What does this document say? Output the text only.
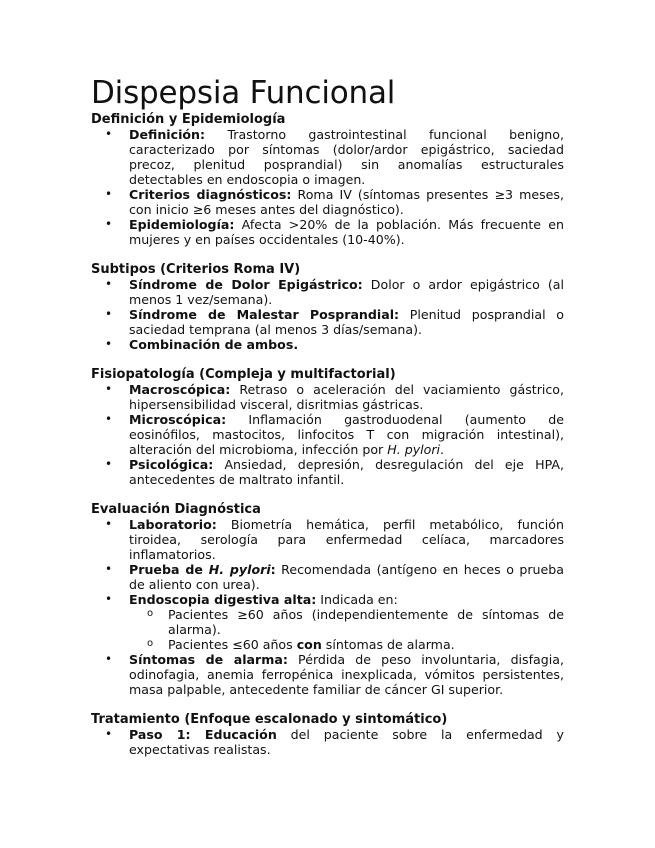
Dispepsia Funcional

Definición y Epidemiología

• Definición: Trastorno gastrointestinal funcional benigno, caracterizado por síntomas (dolor/ardor epigástrico, saciedad precoz, plenitud posprandial) sin anomalías estructurales detectables en endoscopia o imagen.
• Criterios diagnósticos: Roma IV (síntomas presentes ≥3 meses, con inicio ≥6 meses antes del diagnóstico).
• Epidemiología: Afecta >20% de la población. Más frecuente en mujeres y en países occidentales (10-40%).

Subtipos (Criterios Roma IV)

• Síndrome de Dolor Epigástrico: Dolor o ardor epigástrico (al menos 1 vez/semana).
• Síndrome de Malestar Posprandial: Plenitud posprandial o saciedad temprana (al menos 3 días/semana).
• Combinación de ambos.

Fisiopatología (Compleja y multifactorial)

• Macroscópica: Retraso o aceleración del vaciamiento gástrico, hipersensibilidad visceral, disritmias gástricas.
• Microscópica: Inflamación gastroduodenal (aumento de eosinófilos, mastocitos, linfocitos T con migración intestinal), alteración del microbioma, infección por H. pylori.
• Psicológica: Ansiedad, depresión, desregulación del eje HPA, antecedentes de maltrato infantil.

Evaluación Diagnóstica

• Laboratorio: Biometría hemática, perfil metabólico, función tiroidea, serología para enfermedad celíaca, marcadores inflamatorios.
• Prueba de H. pylori: Recomendada (antígeno en heces o prueba de aliento con urea).
• Endoscopia digestiva alta: Indicada en:
o Pacientes ≥60 años (independientemente de síntomas de alarma).
o Pacientes ≤60 años con síntomas de alarma.
• Síntomas de alarma: Pérdida de peso involuntaria, disfagia, odinofagia, anemia ferropénica inexplicada, vómitos persistentes, masa palpable, antecedente familiar de cáncer GI superior.

Tratamiento (Enfoque escalonado y sintomático)

• Paso 1: Educación del paciente sobre la enfermedad y expectativas realistas.
